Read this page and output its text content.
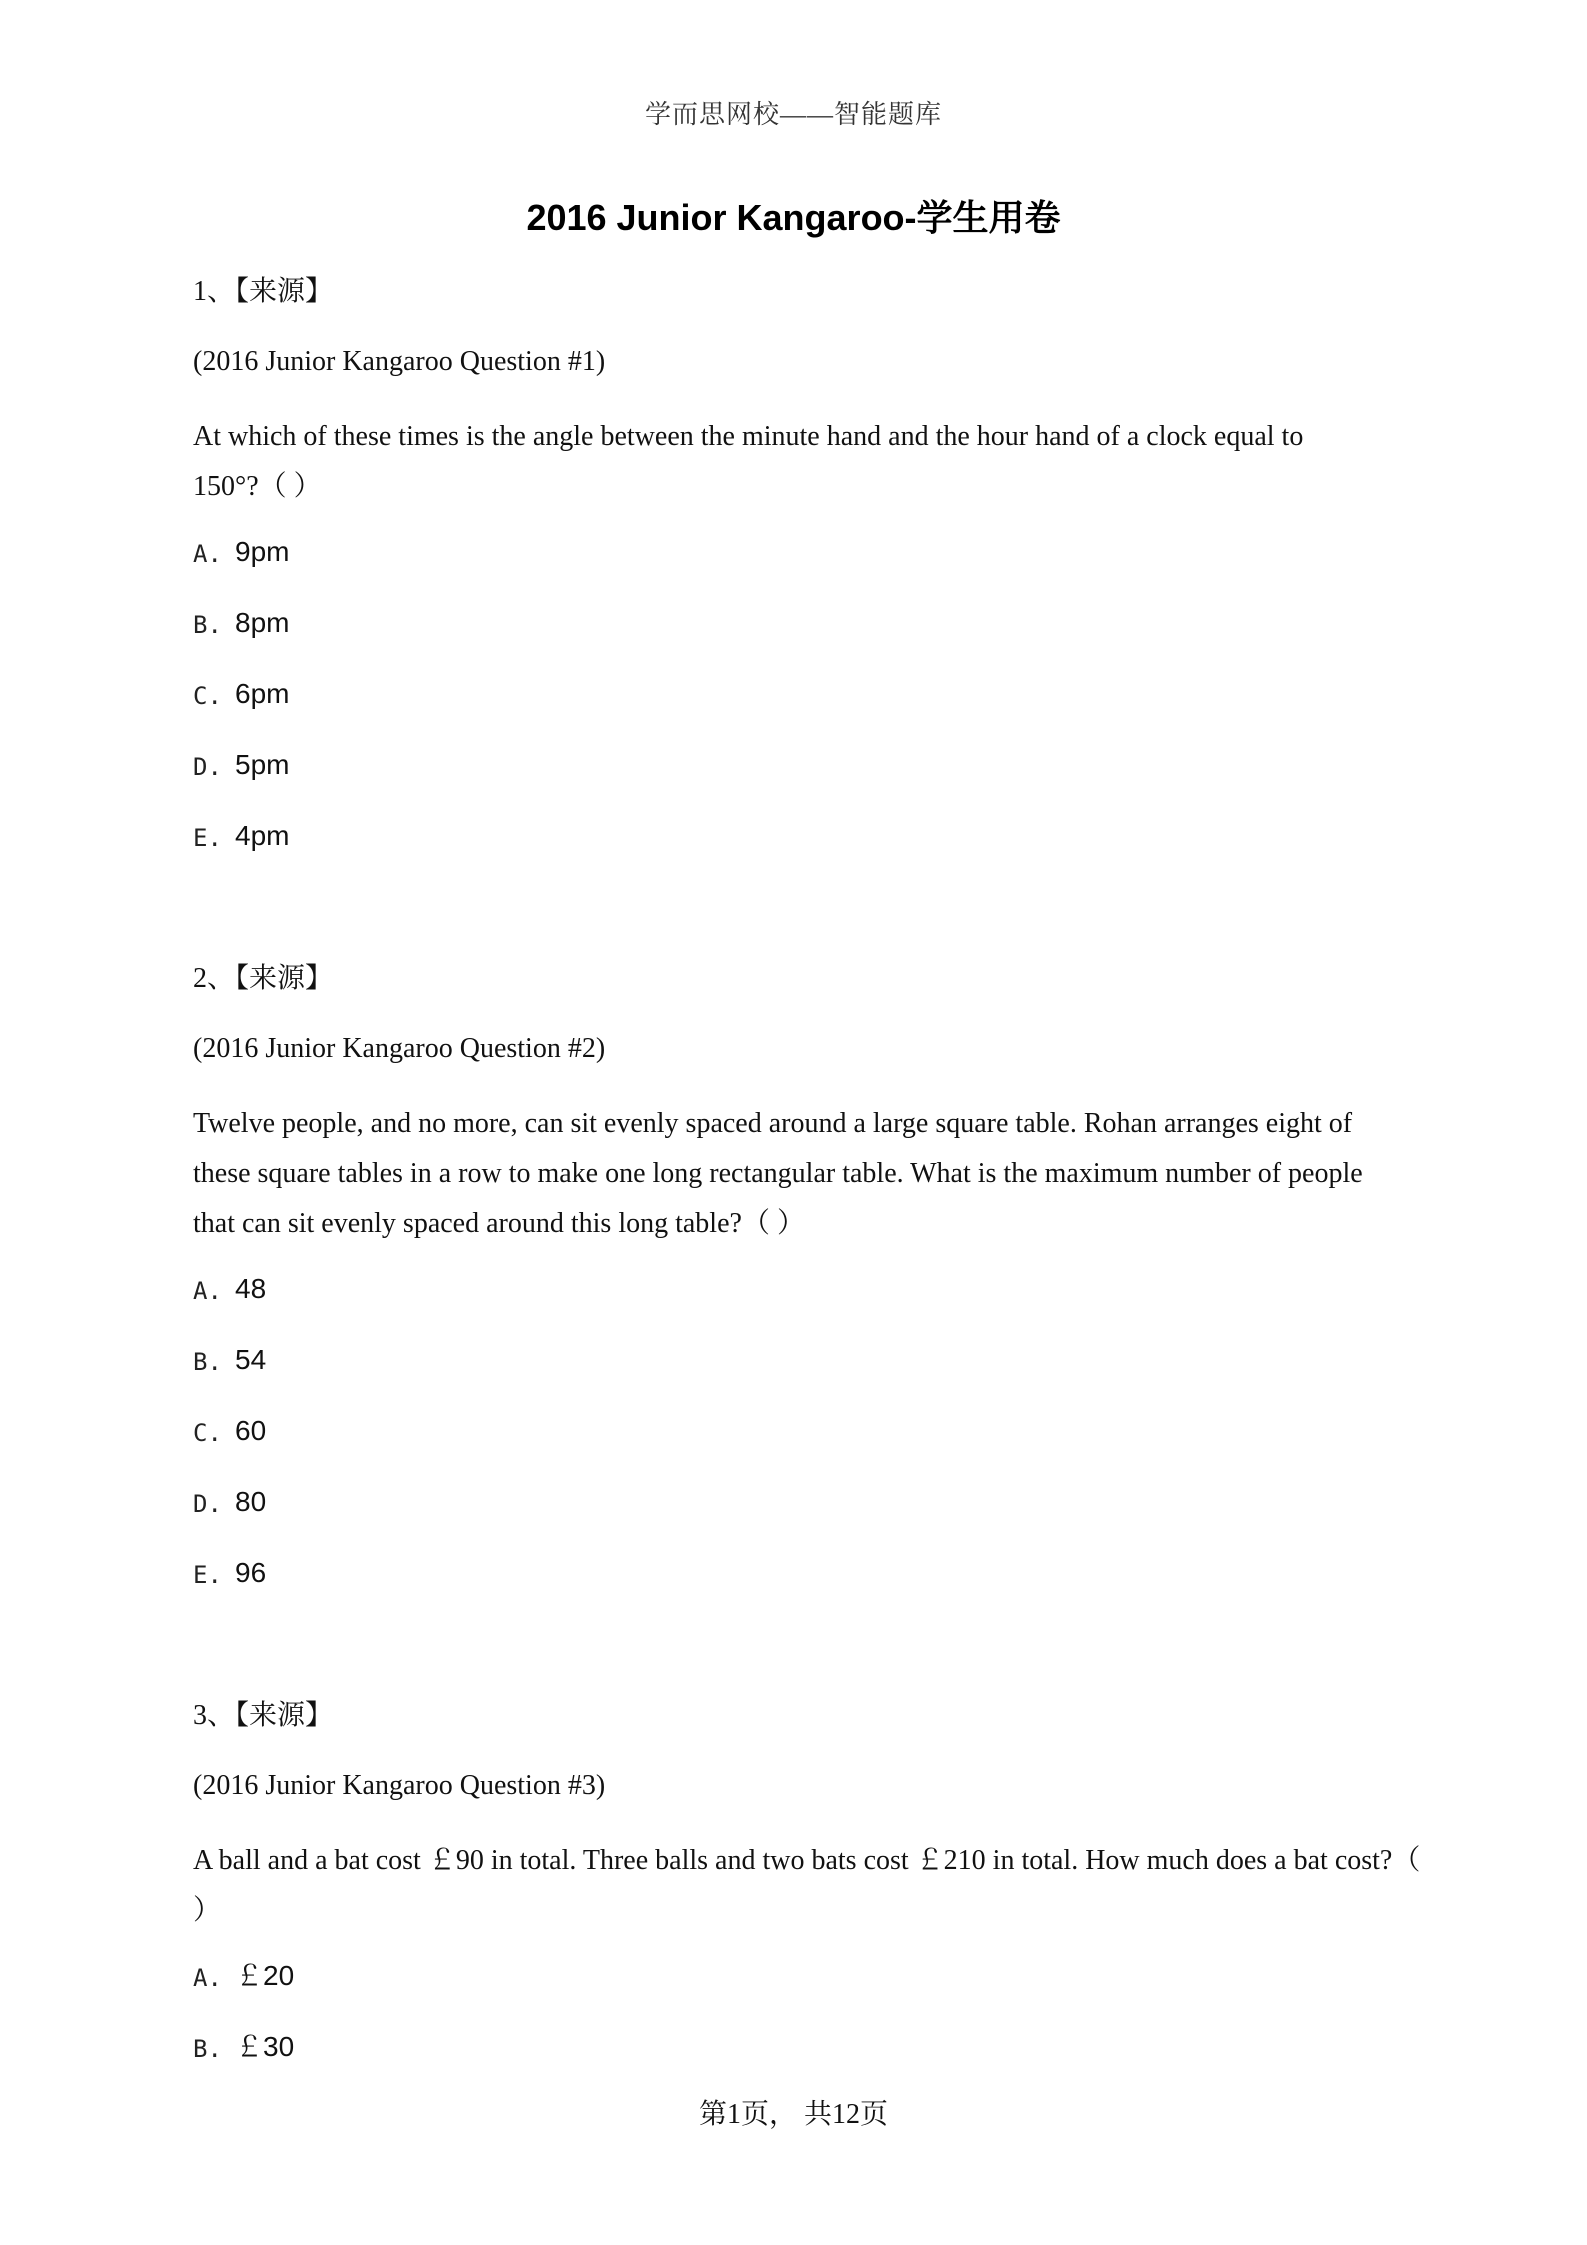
学而思网校——智能题库
2016 Junior Kangaroo-学生用卷
1、【来源】
(2016 Junior Kangaroo Question #1)
At which of these times is the angle between the minute hand and the hour hand of a clock equal to 150°?（ ）
A. 9pm
B. 8pm
C. 6pm
D. 5pm
E. 4pm
2、【来源】
(2016 Junior Kangaroo Question #2)
Twelve people, and no more, can sit evenly spaced around a large square table. Rohan arranges eight of these square tables in a row to make one long rectangular table. What is the maximum number of people that can sit evenly spaced around this long table?（ ）
A. 48
B. 54
C. 60
D. 80
E. 96
3、【来源】
(2016 Junior Kangaroo Question #3)
A ball and a bat cost ￡90 in total. Three balls and two bats cost ￡210 in total. How much does a bat cost?（ ）
A. ￡20
B. ￡30
第1页， 共12页
